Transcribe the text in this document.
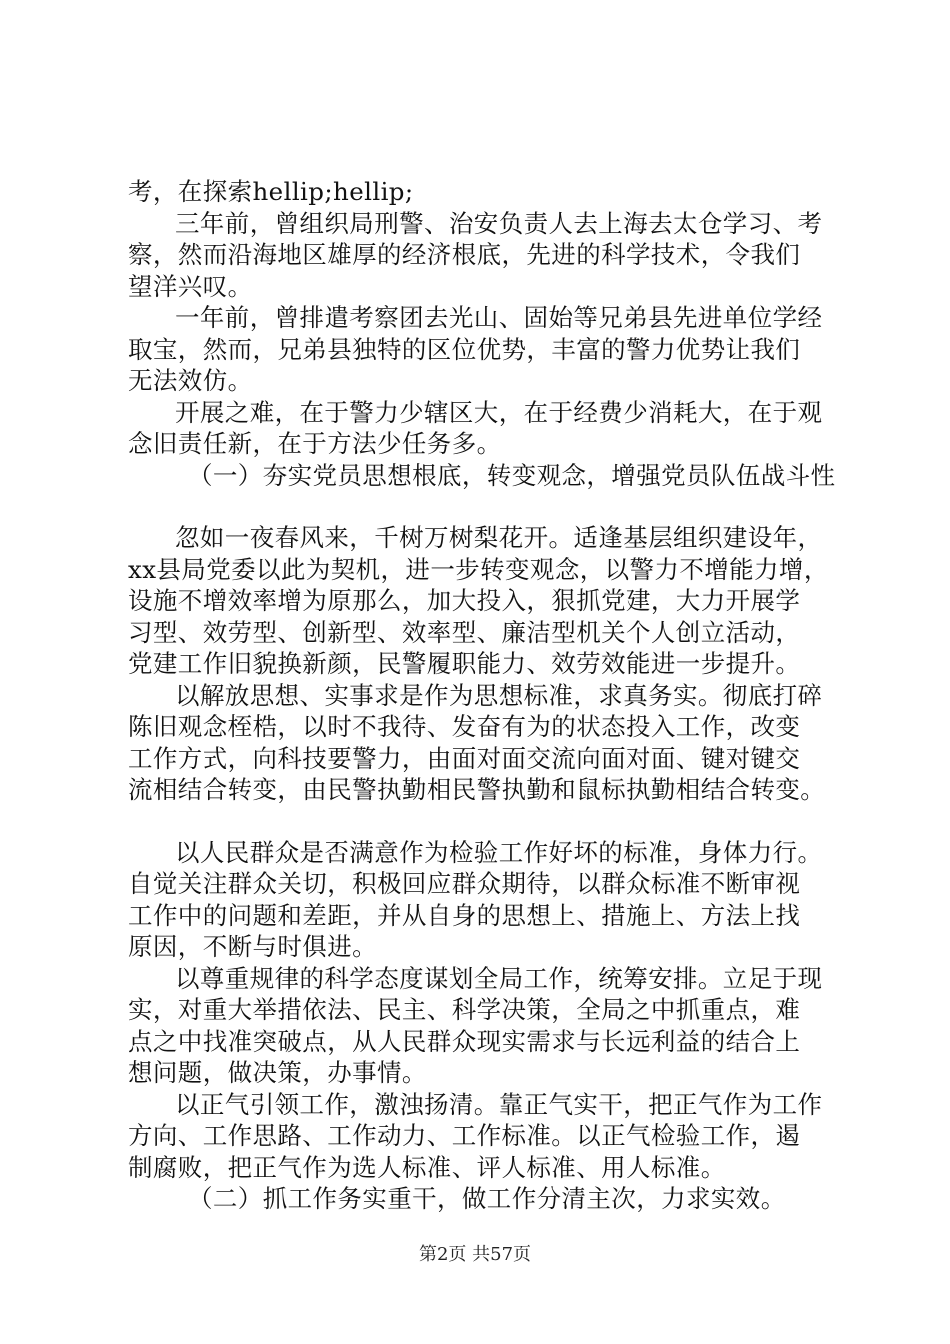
考，在探索hellip;hellip;
三年前，曾组织局刑警、治安负责人去上海去太仓学习、考
察，然而沿海地区雄厚的经济根底，先进的科学技术，令我们
望洋兴叹。
一年前，曾排遣考察团去光山、固始等兄弟县先进单位学经
取宝，然而，兄弟县独特的区位优势，丰富的警力优势让我们
无法效仿。
开展之难，在于警力少辖区大，在于经费少消耗大，在于观
念旧责任新，在于方法少任务多。
（一）夯实党员思想根底，转变观念，增强党员队伍战斗性
忽如一夜春风来，千树万树梨花开。适逢基层组织建设年，
xx县局党委以此为契机，进一步转变观念，以警力不增能力增，
设施不增效率增为原那么，加大投入，狠抓党建，大力开展学
习型、效劳型、创新型、效率型、廉洁型机关个人创立活动，
党建工作旧貌换新颜，民警履职能力、效劳效能进一步提升。
以解放思想、实事求是作为思想标准，求真务实。彻底打碎
陈旧观念桎梏，以时不我待、发奋有为的状态投入工作，改变
工作方式，向科技要警力，由面对面交流向面对面、键对键交
流相结合转变，由民警执勤相民警执勤和鼠标执勤相结合转变。
以人民群众是否满意作为检验工作好坏的标准，身体力行。
自觉关注群众关切，积极回应群众期待，以群众标准不断审视
工作中的问题和差距，并从自身的思想上、措施上、方法上找
原因，不断与时俱进。
以尊重规律的科学态度谋划全局工作，统筹安排。立足于现
实，对重大举措依法、民主、科学决策，全局之中抓重点，难
点之中找准突破点，从人民群众现实需求与长远利益的结合上
想问题，做决策，办事情。
以正气引领工作，激浊扬清。靠正气实干，把正气作为工作
方向、工作思路、工作动力、工作标准。以正气检验工作，遏
制腐败，把正气作为选人标准、评人标准、用人标准。
（二）抓工作务实重干，做工作分清主次，力求实效。
第2页 共57页
